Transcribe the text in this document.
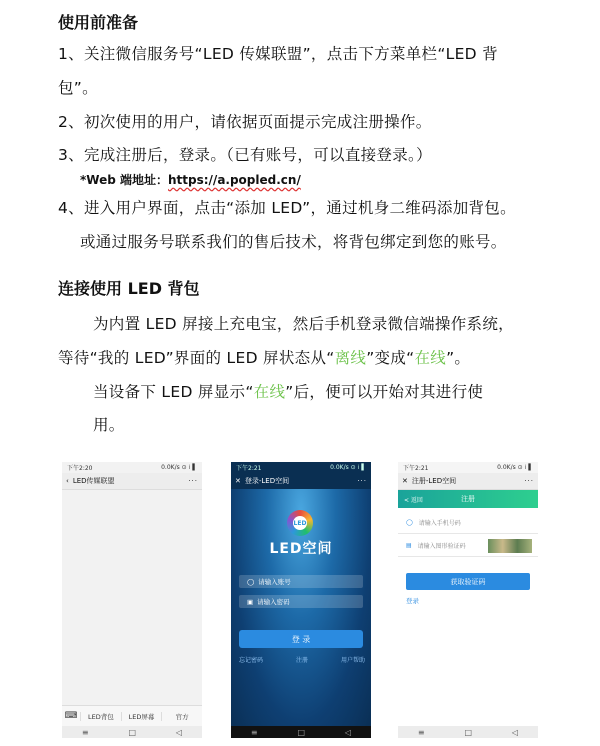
使用前准备
1、关注微信服务号“LED 传媒联盟”，点击下方菜单栏“LED 背
包”。
2、初次使用的用户，请依据页面提示完成注册操作。
3、完成注册后，登录。（已有账号，可以直接登录。）
*Web 端地址：https://a.popled.cn/
4、进入用户界面，点击“添加 LED”，通过机身二维码添加背包。
或通过服务号联系我们的售后技术，将背包绑定到您的账号。
连接使用 LED 背包
为内置 LED 屏接上充电宝，然后手机登录微信端操作系统，
等待“我的 LED”界面的 LED 屏状态从“离线”变成“在线”。
当设备下 LED 屏显示“在线”后，便可以开始对其进行使
用。
下午2:20	0.0K/s ⊙ ⁞ ▌
‹ LED传媒联盟	···
⌨	LED背包	LED屏幕	官方
≡	□	◁
下午2:21	0.0K/s ⊙ ⁞ ▌
✕ 登录-LED空间	···
LED
LED空间
◯ 请输入账号
▣ 请输入密码
登 录
忘记密码	注册	用户帮助
≡	□	◁
下午2:21	0.0K/s ⊙ ⁞ ▌
✕ 注册-LED空间	···
< 返回	注册
◯ 请输入手机号码
▤ 请输入图形验证码
获取验证码
登录
≡	□	◁
